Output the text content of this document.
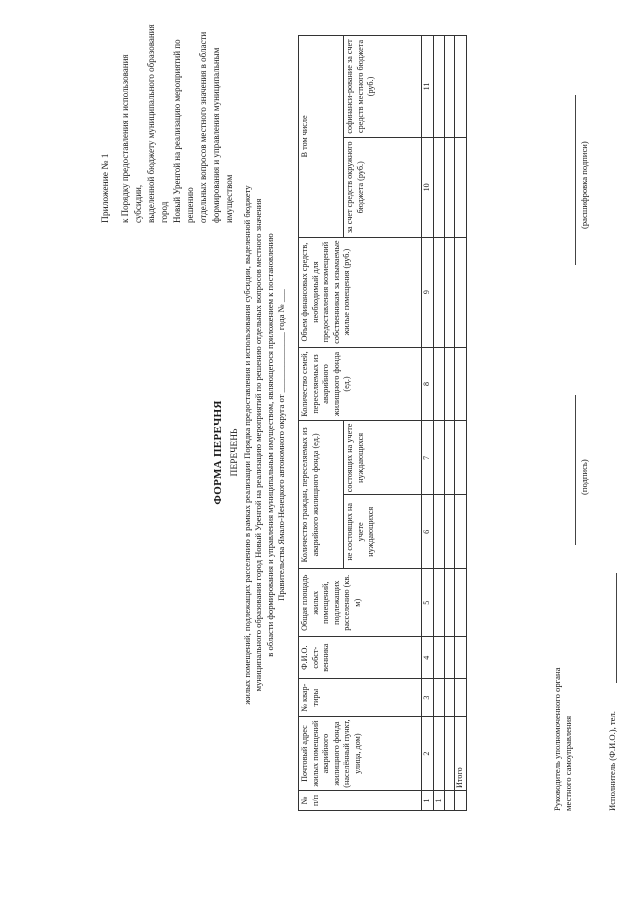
Приложение № 1 к Порядку предоставления и использования субсидии, выделенной бюджету муниципального образования город Новый Уренгой на реализацию мероприятий по решению отдельных вопросов местного значения в области формирования и управления муниципальным имуществом
ФОРМА ПЕРЕЧНЯ ПЕРЕЧЕНЬ жилых помещений, подлежащих расселению в рамках реализации Порядка предоставления и использования субсидии, выделенной бюджету муниципального образования город Новый Уренгой на реализацию мероприятий по решению отдельных вопросов местного значения в области формирования и управления муниципальным имуществом, являющегося приложением к постановлению Правительства Ямало-Ненецкого автономного округа от ______________ года № ___
№ п/п	Почтовый адрес жилых помещений аварийного жилищного фонда (населённый пункт, улица, дом)	№ квар-тиры	Ф.И.О. собст-венника	Общая площадь жилых помещений, подлежащих расселению (кв. м)	Количество граждан, переселяемых из аварийного жилищного фонда (ед.)		Количество семей, переселяемых из аварийного жилищного фонда (ед.)	Объем финансовых средств, необходимый для предоставления возмещений собственникам за изымаемые жилые помещения (руб.)	В том числе	
					не состоящих на учете нуждающихся	состоящих на учете нуждающихся			за счет средств окружного бюджета (руб.)	софинанси-рование за счет средств местного бюджета (руб.)
1	2	3	4	5	6	7	8	9	10	11
1										

	Итого										Руководитель уполномоченного органа местного самоуправления
(подпись)
(расшифровка подписи)
Исполнитель (Ф.И.О.), тел.
